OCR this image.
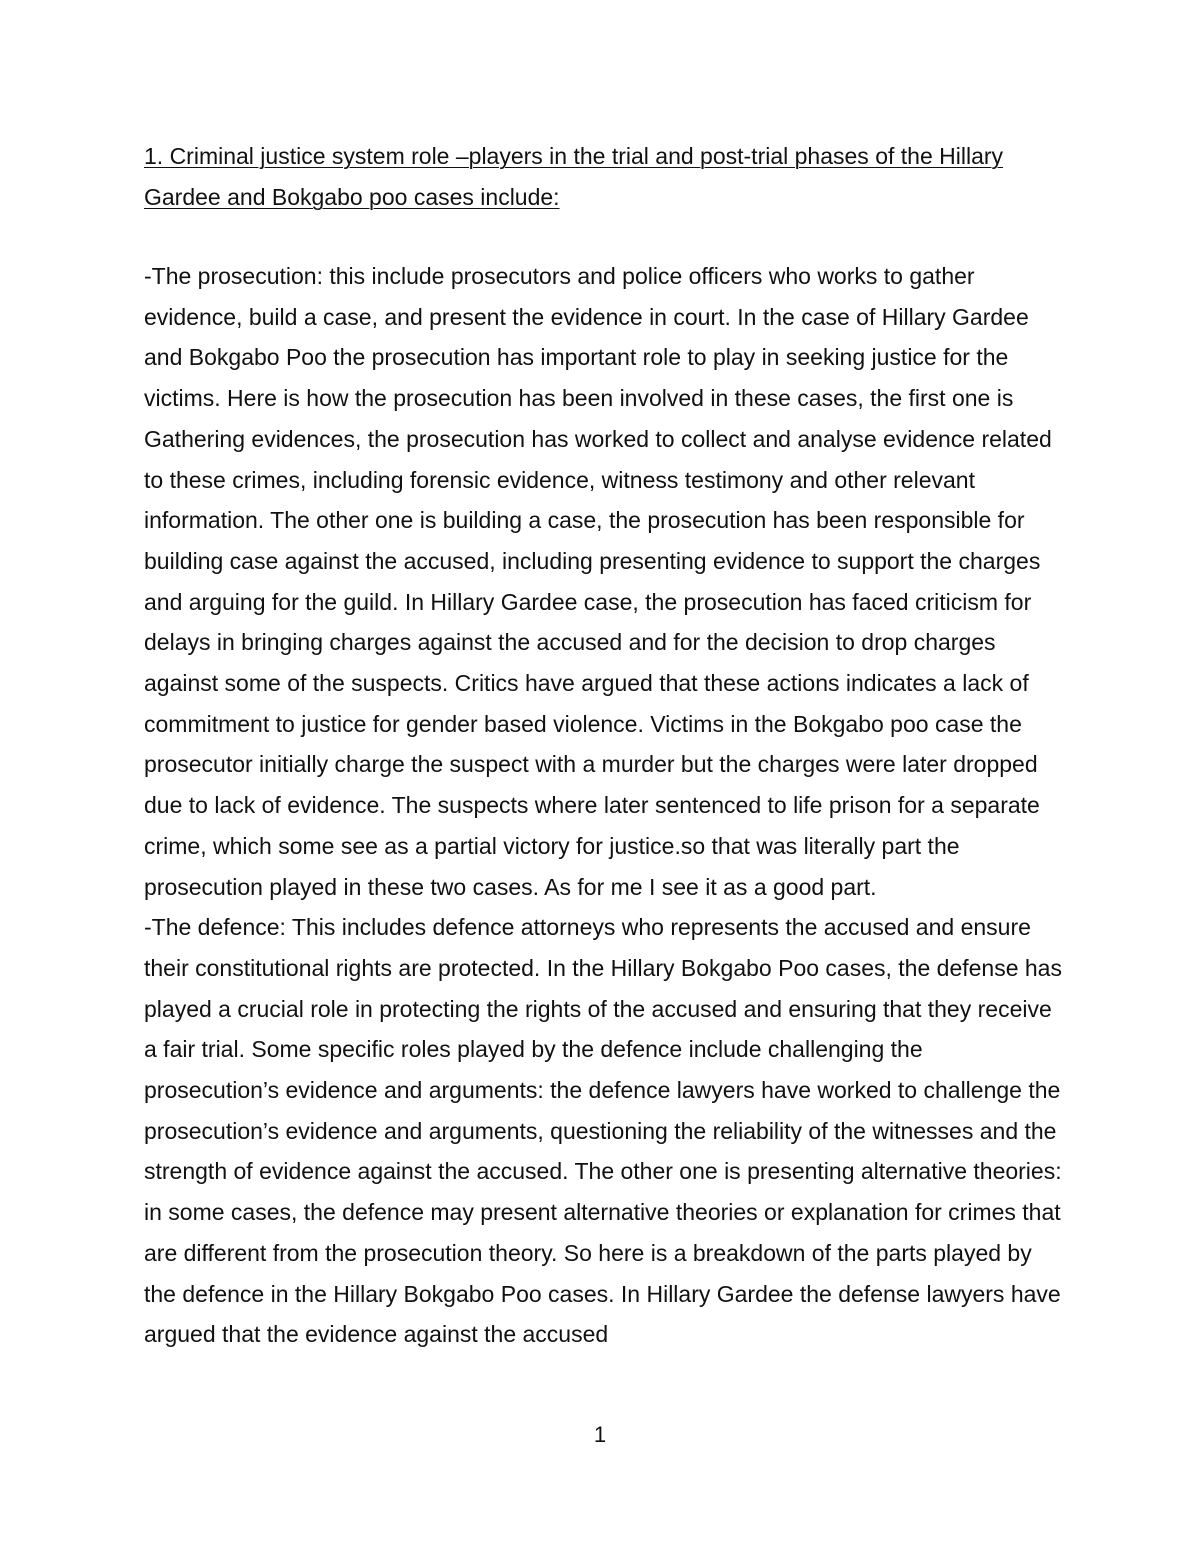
1. Criminal justice system role –players in the trial and post-trial phases of the Hillary Gardee and Bokgabo poo cases include:

-The prosecution: this include prosecutors and police officers who works to gather evidence, build a case, and present the evidence in court. In the case of Hillary Gardee and Bokgabo Poo the prosecution has important role to play in seeking justice for the victims. Here is how the prosecution has been involved in these cases, the first one is Gathering evidences, the prosecution has worked to collect and analyse evidence related to these crimes, including forensic evidence, witness testimony and other relevant information. The other one is building a case, the prosecution has been responsible for building case against the accused, including presenting evidence to support the charges and arguing for the guild. In Hillary Gardee case, the prosecution has faced criticism for delays in bringing charges against the accused and for the decision to drop charges against some of the suspects. Critics have argued that these actions indicates a lack of commitment to justice for gender based violence. Victims in the Bokgabo poo case the prosecutor initially charge the suspect with a murder but the charges were later dropped due to lack of evidence. The suspects where later sentenced to life prison for a separate crime, which some see as a partial victory for justice.so that was literally part the prosecution played in these two cases. As for me I see it as a good part.

-The defence: This includes defence attorneys who represents the accused and ensure their constitutional rights are protected. In the Hillary Bokgabo Poo cases, the defense has played a crucial role in protecting the rights of the accused and ensuring that they receive a fair trial. Some specific roles played by the defence include challenging the prosecution’s evidence and arguments: the defence lawyers have worked to challenge the prosecution’s evidence and arguments, questioning the reliability of the witnesses and the strength of evidence against the accused. The other one is presenting alternative theories: in some cases, the defence may present alternative theories or explanation for crimes that are different from the prosecution theory. So here is a breakdown of the parts played by the defence in the Hillary Bokgabo Poo cases. In Hillary Gardee the defense lawyers have argued that the evidence against the accused

1
